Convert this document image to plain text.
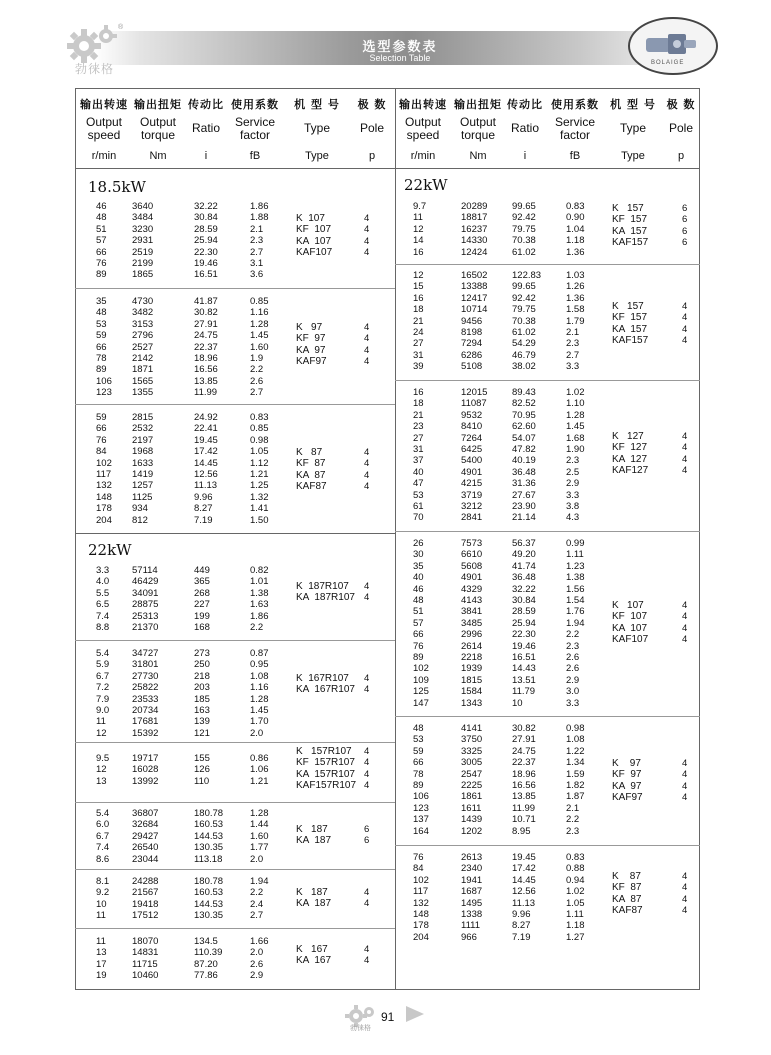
®
勃徕格
选型参数表
Selection Table	BOLAIGE
输出转速
Output
speed
r/min
输出扭矩
Output
torque
Nm
传动比
Ratio
i
使用系数
Service
factor
fB
机 型 号
Type
Type
极 数
Pole
p
输出转速
Output
speed
r/min
输出扭矩
Output
torque
Nm
传动比
Ratio
i
使用系数
Service
factor
fB
机 型 号
Type
Type
极 数
Pole
p
18.5kW
22kW
22kW
46
48
51
57
66
76
89
3640
3484
3230
2931
2519
2199
1865
32.22
30.84
28.59
25.94
22.30
19.46
16.51
1.86
1.88
2.1
2.3
2.7
3.1
3.6
K  107
KF  107
KA  107
KAF107
4
4
4
4
35
48
53
59
66
78
89
106
123
4730
3482
3153
2796
2527
2142
1871
1565
1355
41.87
30.82
27.91
24.75
22.37
18.96
16.56
13.85
11.99
0.85
1.16
1.28
1.45
1.60
1.9
2.2
2.6
2.7
K   97
KF  97
KA  97
KAF97
4
4
4
4
59
66
76
84
102
117
132
148
178
204
2815
2532
2197
1968
1633
1419
1257
1125
934
812
24.92
22.41
19.45
17.42
14.45
12.56
11.13
9.96
8.27
7.19
0.83
0.85
0.98
1.05
1.12
1.21
1.25
1.32
1.41
1.50
K   87
KF  87
KA  87
KAF87
4
4
4
4
3.3
4.0
5.5
6.5
7.4
8.8
57114
46429
34091
28875
25313
21370
449
365
268
227
199
168
0.82
1.01
1.38
1.63
1.86
2.2
K  187R107
KA  187R107
4
4
5.4
5.9
6.7
7.2
7.9
9.0
11
12
34727
31801
27730
25822
23533
20734
17681
15392
273
250
218
203
185
163
139
121
0.87
0.95
1.08
1.16
1.28
1.45
1.70
2.0
K  167R107
KA  167R107
4
4
9.5
12
13
19717
16028
13992
155
126
110
0.86
1.06
1.21
K   157R107
KF  157R107
KA  157R107
KAF157R107
4
4
4
4
5.4
6.0
6.7
7.4
8.6
36807
32684
29427
26540
23044
180.78
160.53
144.53
130.35
113.18
1.28
1.44
1.60
1.77
2.0
K   187
KA  187
6
6
8.1
9.2
10
11
24288
21567
19418
17512
180.78
160.53
144.53
130.35
1.94
2.2
2.4
2.7
K   187
KA  187
4
4
11
13
17
19
18070
14831
11715
10460
134.5
110.39
87.20
77.86
1.66
2.0
2.6
2.9
K   167
KA  167
4
4
9.7
11
12
14
16
20289
18817
16237
14330
12424
99.65
92.42
79.75
70.38
61.02
0.83
0.90
1.04
1.18
1.36
K   157
KF  157
KA  157
KAF157
6
6
6
6
12
15
16
18
21
24
27
31
39
16502
13388
12417
10714
9456
8198
7294
6286
5108
122.83
99.65
92.42
79.75
70.38
61.02
54.29
46.79
38.02
1.03
1.26
1.36
1.58
1.79
2.1
2.3
2.7
3.3
K   157
KF  157
KA  157
KAF157
4
4
4
4
16
18
21
23
27
31
37
40
47
53
61
70
12015
11087
9532
8410
7264
6425
5400
4901
4215
3719
3212
2841
89.43
82.52
70.95
62.60
54.07
47.82
40.19
36.48
31.36
27.67
23.90
21.14
1.02
1.10
1.28
1.45
1.68
1.90
2.3
2.5
2.9
3.3
3.8
4.3
K   127
KF  127
KA  127
KAF127
4
4
4
4
26
30
35
40
46
48
51
57
66
76
89
102
109
125
147
7573
6610
5608
4901
4329
4143
3841
3485
2996
2614
2218
1939
1815
1584
1343
56.37
49.20
41.74
36.48
32.22
30.84
28.59
25.94
22.30
19.46
16.51
14.43
13.51
11.79
10
0.99
1.11
1.23
1.38
1.56
1.54
1.76
1.94
2.2
2.3
2.6
2.6
2.9
3.0
3.3
K   107
KF  107
KA  107
KAF107
4
4
4
4
48
53
59
66
78
89
106
123
137
164
4141
3750
3325
3005
2547
2225
1861
1611
1439
1202
30.82
27.91
24.75
22.37
18.96
16.56
13.85
11.99
10.71
8.95
0.98
1.08
1.22
1.34
1.59
1.82
1.87
2.1
2.2
2.3
K    97
KF  97
KA  97
KAF97
4
4
4
4
76
84
102
117
132
148
178
204
2613
2340
1941
1687
1495
1338
1111
966
19.45
17.42
14.45
12.56
11.13
9.96
8.27
7.19
0.83
0.88
0.94
1.02
1.05
1.11
1.18
1.27
K    87
KF  87
KA  87
KAF87
4
4
4
4
勃徕格
91
